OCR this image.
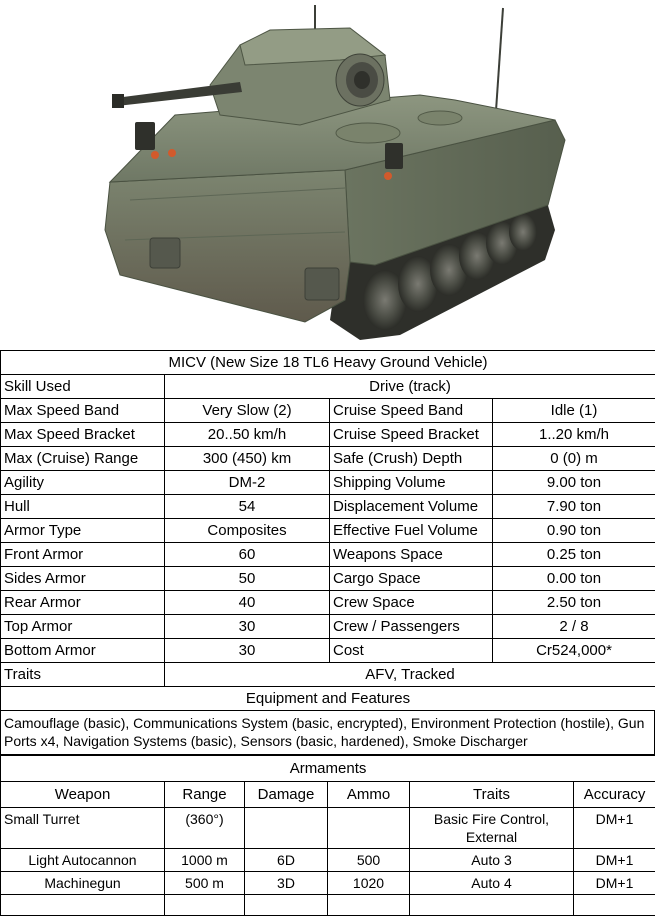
MICV (New Size 18 TL6 Heavy Ground Vehicle)			
Skill Used	Drive (track)		
Max Speed Band	Very Slow (2)	Cruise Speed Band	Idle (1)
Max Speed Bracket	20..50 km/h	Cruise Speed Bracket	1..20 km/h
Max (Cruise) Range	300 (450) km	Safe (Crush) Depth	0 (0) m
Agility	DM-2	Shipping Volume	9.00 ton
Hull	54	Displacement Volume	7.90 ton
Armor Type	Composites	Effective Fuel Volume	0.90 ton
Front Armor	60	Weapons Space	0.25 ton
Sides Armor	50	Cargo Space	0.00 ton
Rear Armor	40	Crew Space	2.50 ton
Top Armor	30	Crew / Passengers	2 / 8
Bottom Armor	30	Cost	Cr524,000*
Traits	AFV, Tracked		
Equipment and Features			
Camouflage (basic), Communications System (basic, encrypted), Environment Protection (hostile), Gun Ports x4, Navigation Systems (basic), Sensors (basic, hardened), Smoke Discharger
Armaments					
Weapon	Range	Damage	Ammo	Traits	Accuracy
Small Turret	(360°)			Basic Fire Control, External	DM+1
Light Autocannon	1000 m	6D	500	Auto 3	DM+1
Machinegun	500 m	3D	1020	Auto 4	DM+1
